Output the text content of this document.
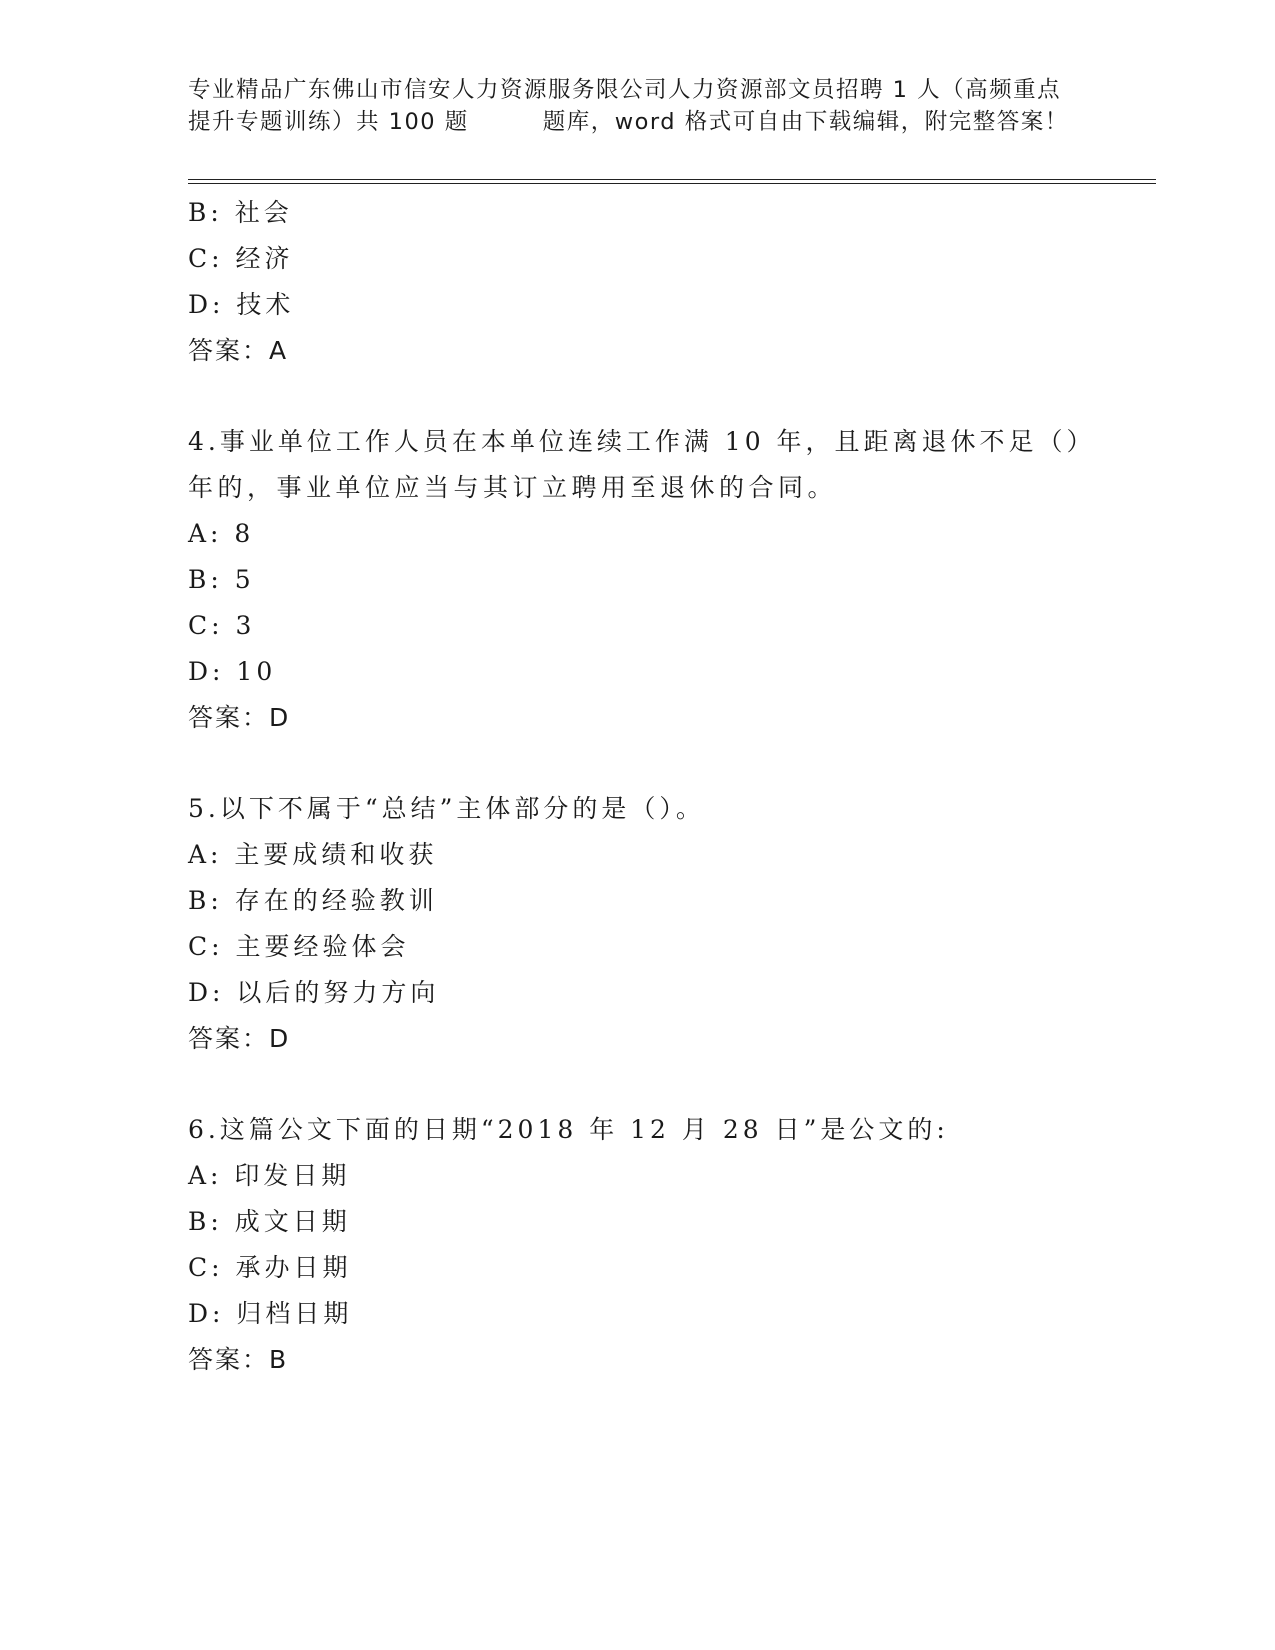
专业精品广东佛山市信安人力资源服务限公司人力资源部文员招聘 1 人（高频重点
提升专题训练）共 100 题	题库，word 格式可自由下载编辑，附完整答案！
B: 社会
C: 经济
D: 技术
答案：A
4.事业单位工作人员在本单位连续工作满 10 年，且距离退休不足（）
年的，事业单位应当与其订立聘用至退休的合同。
A: 8
B: 5
C: 3
D: 10
答案：D
5.以下不属于“总结”主体部分的是（）。
A: 主要成绩和收获
B: 存在的经验教训
C: 主要经验体会
D: 以后的努力方向
答案：D
6.这篇公文下面的日期“2018 年 12 月 28 日”是公文的:
A: 印发日期
B: 成文日期
C: 承办日期
D: 归档日期
答案：B
